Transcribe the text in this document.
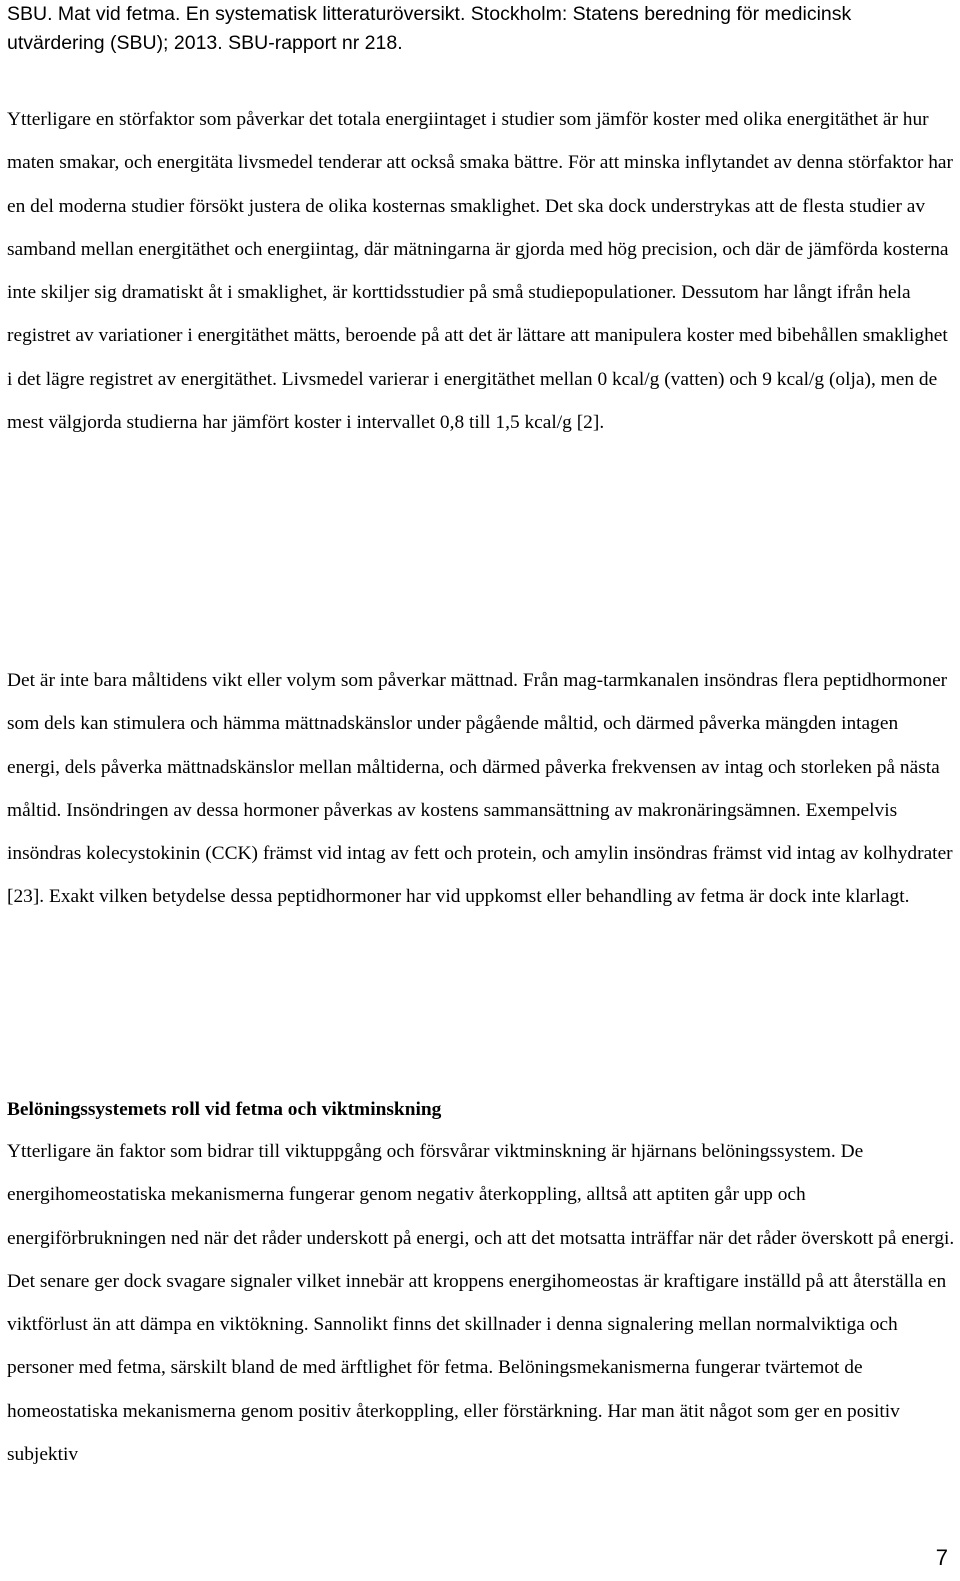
SBU. Mat vid fetma. En systematisk litteraturöversikt. Stockholm: Statens beredning för medicinsk utvärdering (SBU); 2013. SBU-rapport nr 218.

Ytterligare en störfaktor som påverkar det totala energiintaget i studier som jämför koster med olika energitäthet är hur maten smakar, och energitäta livsmedel tenderar att också smaka bättre. För att minska inflytandet av denna störfaktor har en del moderna studier försökt justera de olika kosternas smaklighet. Det ska dock understrykas att de flesta studier av samband mellan energitäthet och energiintag, där mätningarna är gjorda med hög precision, och där de jämförda kosterna inte skiljer sig dramatiskt åt i smaklighet, är korttidsstudier på små studiepopulationer. Dessutom har långt ifrån hela registret av variationer i energitäthet mätts, beroende på att det är lättare att manipulera koster med bibehållen smaklighet i det lägre registret av energitäthet. Livsmedel varierar i energitäthet mellan 0 kcal/g (vatten) och 9 kcal/g (olja), men de mest välgjorda studierna har jämfört koster i intervallet 0,8 till 1,5 kcal/g [2].

Det är inte bara måltidens vikt eller volym som påverkar mättnad. Från mag-tarmkanalen insöndras flera peptidhormoner som dels kan stimulera och hämma mättnadskänslor under pågående måltid, och därmed påverka mängden intagen energi, dels påverka mättnadskänslor mellan måltiderna, och därmed påverka frekvensen av intag och storleken på nästa måltid. Insöndringen av dessa hormoner påverkas av kostens sammansättning av makronäringsämnen. Exempelvis insöndras kolecystokinin (CCK) främst vid intag av fett och protein, och amylin insöndras främst vid intag av kolhydrater [23]. Exakt vilken betydelse dessa peptidhormoner har vid uppkomst eller behandling av fetma är dock inte klarlagt.

Belöningssystemets roll vid fetma och viktminskning

Ytterligare än faktor som bidrar till viktuppgång och försvårar viktminskning är hjärnans belöningssystem. De energihomeostatiska mekanismerna fungerar genom negativ återkoppling, alltså att aptiten går upp och energiförbrukningen ned när det råder underskott på energi, och att det motsatta inträffar när det råder överskott på energi. Det senare ger dock svagare signaler vilket innebär att kroppens energihomeostas är kraftigare inställd på att återställa en viktförlust än att dämpa en viktökning. Sannolikt finns det skillnader i denna signalering mellan normalviktiga och personer med fetma, särskilt bland de med ärftlighet för fetma. Belöningsmekanismerna fungerar tvärtemot de homeostatiska mekanismerna genom positiv återkoppling, eller förstärkning. Har man ätit något som ger en positiv subjektiv

7
